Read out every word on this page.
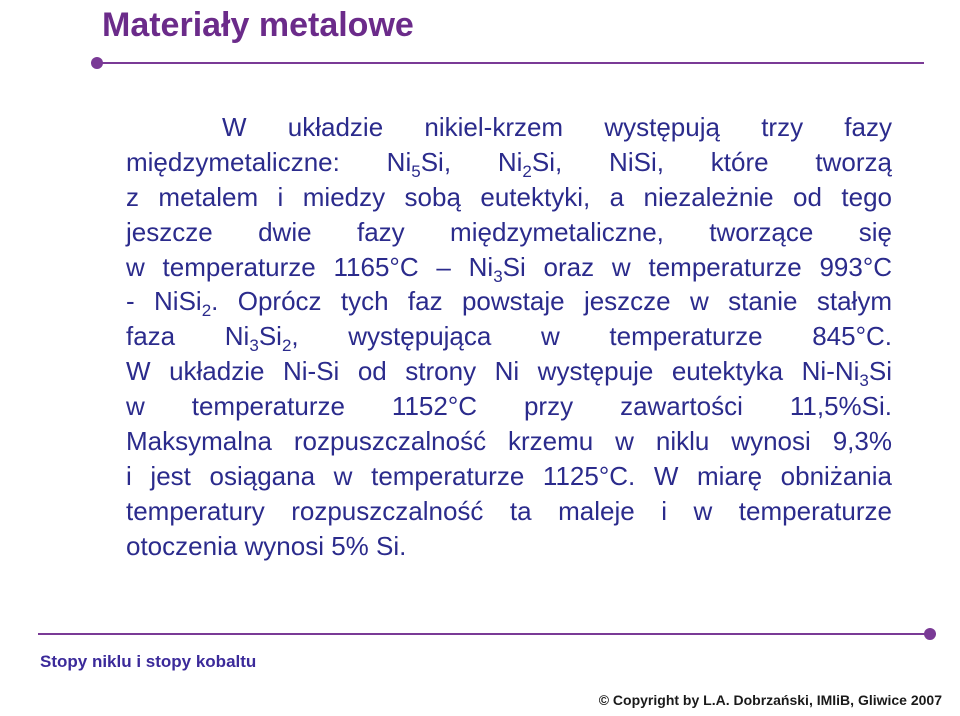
Materiały metalowe
W układzie nikiel-krzem występują trzy fazy
międzymetaliczne: $Ni_5Si$, $Ni_2Si$, NiSi, które tworzą
z metalem i miedzy sobą eutektyki, a niezależnie od tego
jeszcze dwie fazy międzymetaliczne, tworzące się
w temperaturze $1165^\circ C - Ni_3Si$ oraz w temperaturze 993°C
- NiSi$_2$. Oprócz tych faz powstaje jeszcze w stanie stałym
faza $Ni_3Si_2$, występująca w temperaturze 845°C.
W układzie Ni-Si od strony Ni występuje eutektyka $Ni-Ni_3Si$
w temperaturze 1152°C przy zawartości 11,5%Si.
Maksymalna rozpuszczalność krzemu w niklu wynosi 9,3%
i jest osiągana w temperaturze 1125°C. W miarę obniżania
temperatury rozpuszczalność ta maleje i w temperaturze
otoczenia wynosi 5% Si.
Stopy niklu i stopy kobaltu
© Copyright by L.A. Dobrzański, IMIiB, Gliwice 2007
